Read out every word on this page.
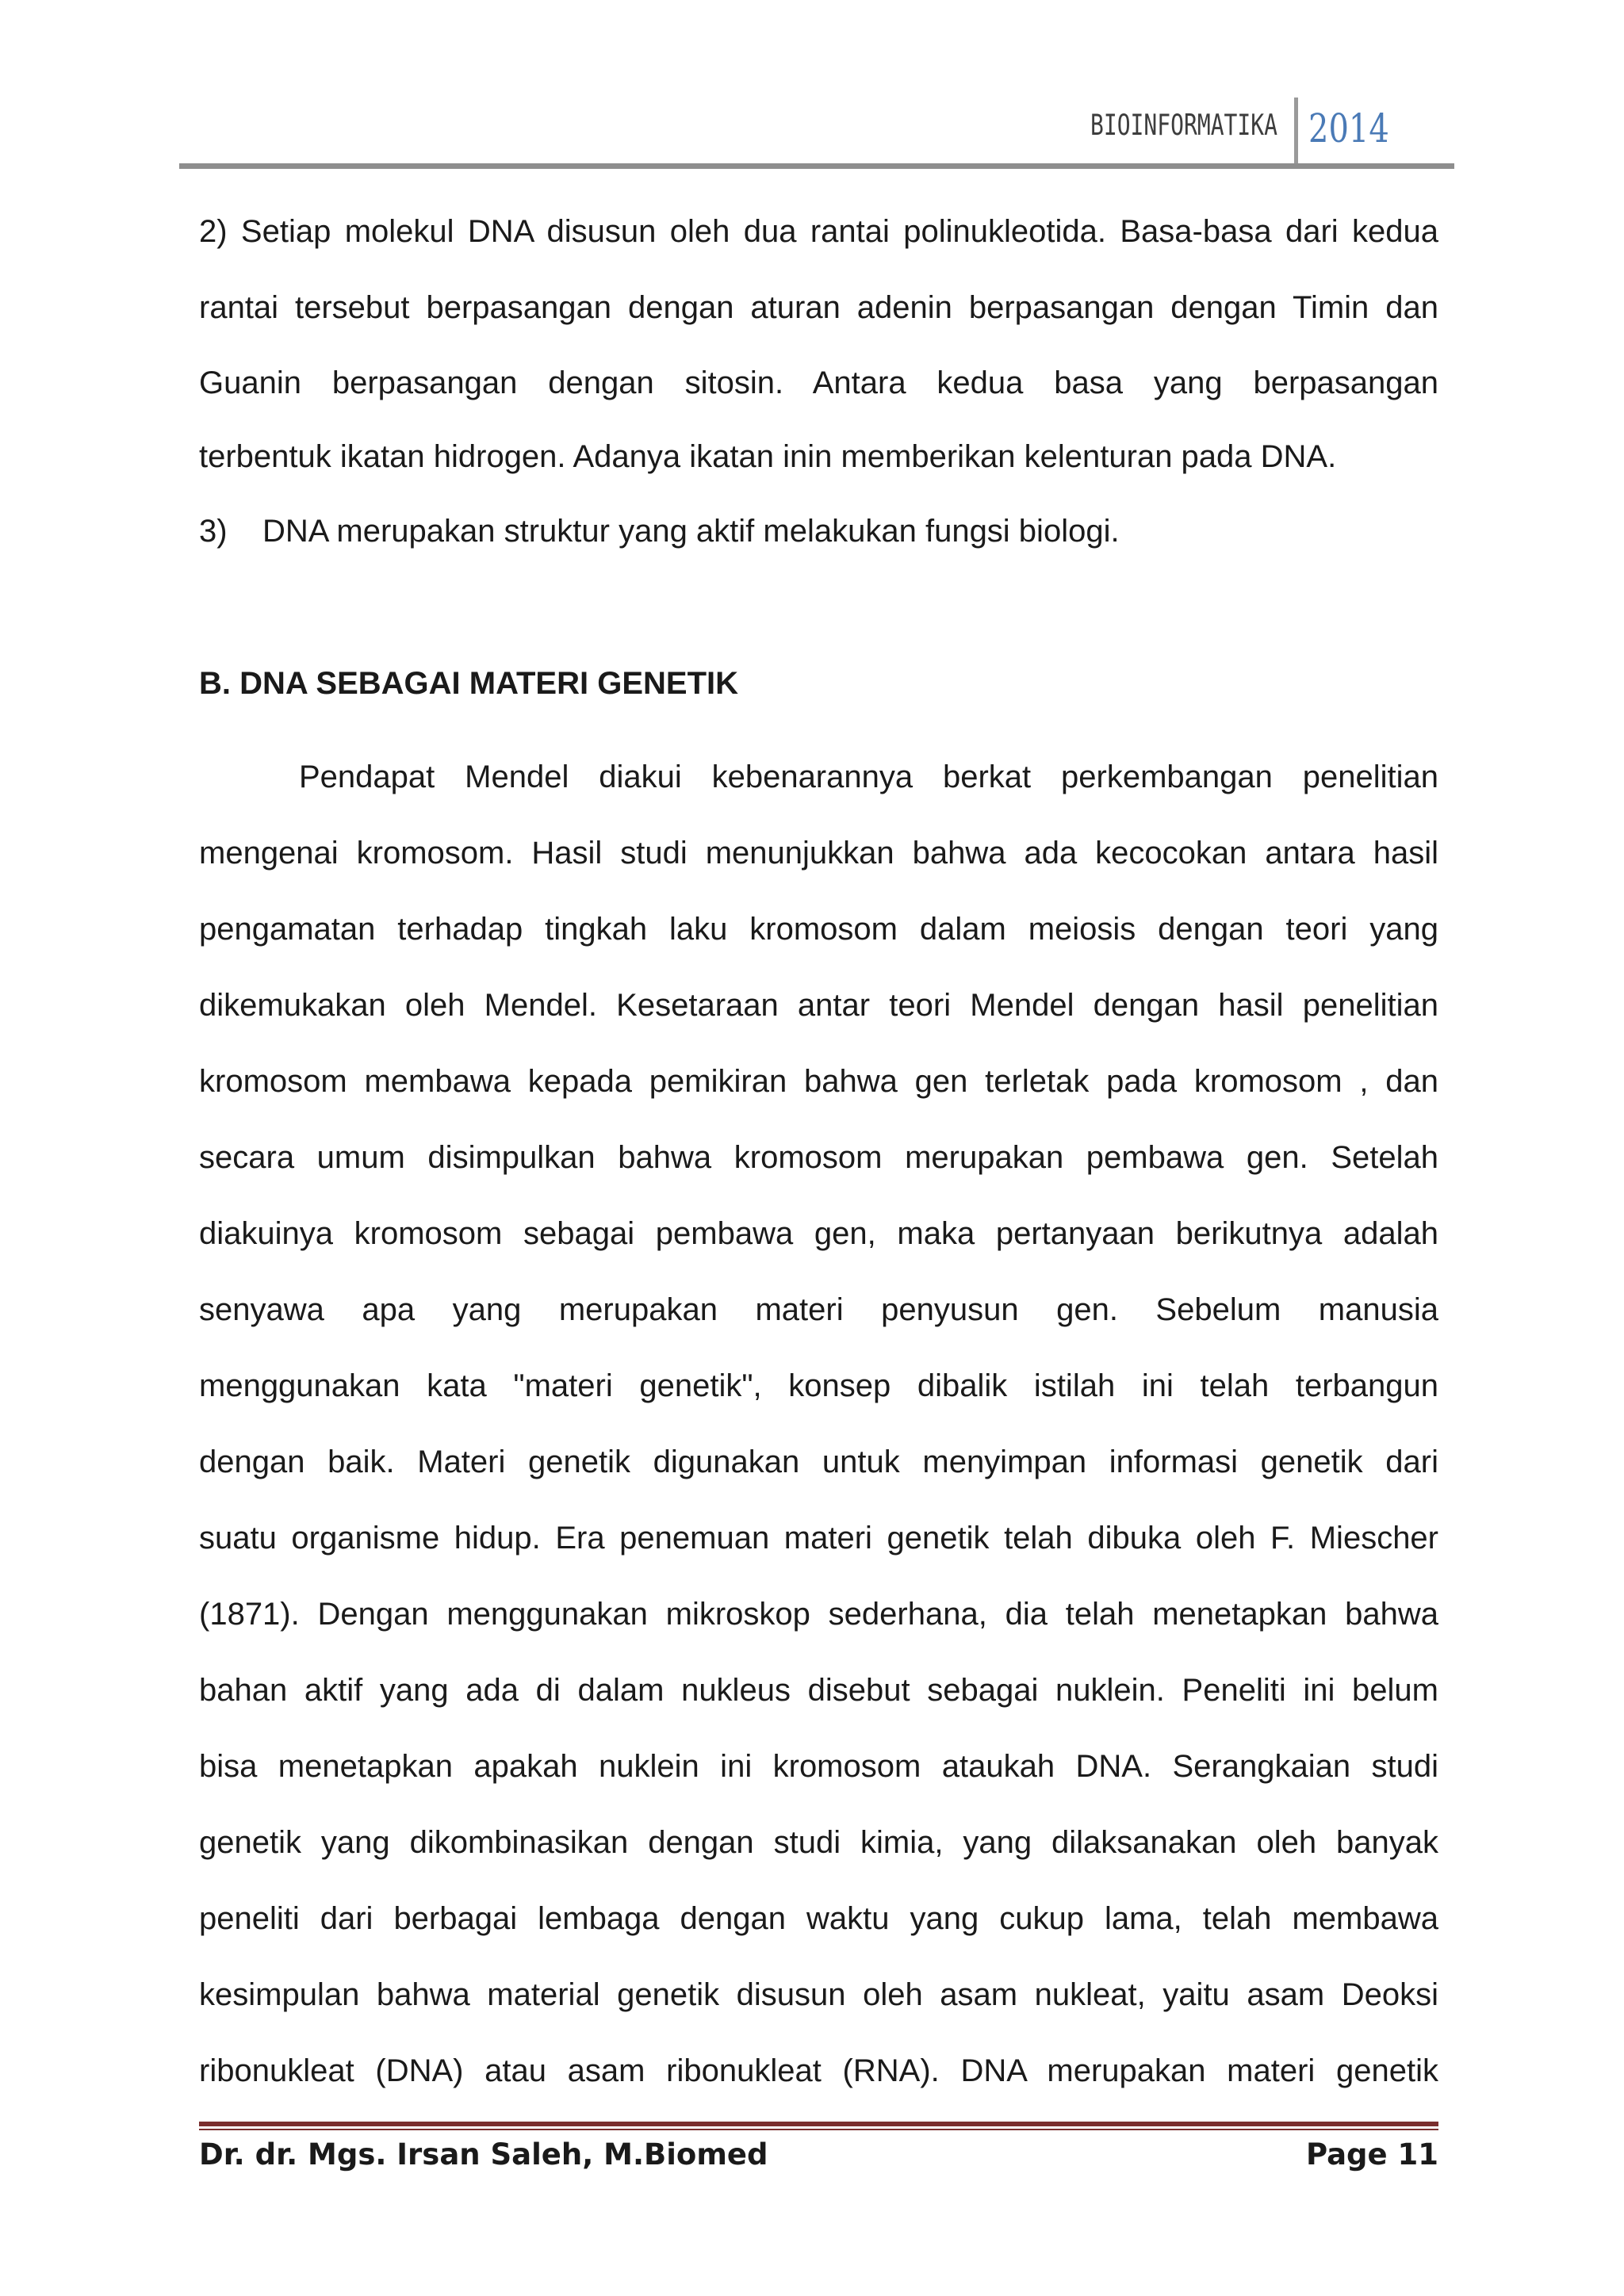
BIOINFORMATIKA 2014
2) Setiap molekul DNA disusun oleh dua rantai polinukleotida. Basa-basa dari kedua
rantai tersebut berpasangan dengan aturan adenin berpasangan dengan Timin dan
Guanin berpasangan dengan sitosin. Antara kedua basa yang berpasangan
terbentuk ikatan hidrogen. Adanya ikatan inin memberikan kelenturan pada DNA.
3)    DNA merupakan struktur yang aktif melakukan fungsi biologi.
B. DNA SEBAGAI MATERI GENETIK
Pendapat Mendel diakui kebenarannya berkat perkembangan penelitian
mengenai kromosom. Hasil studi menunjukkan bahwa ada kecocokan antara hasil
pengamatan terhadap tingkah laku kromosom dalam meiosis dengan teori yang
dikemukakan oleh Mendel. Kesetaraan antar teori Mendel dengan hasil penelitian
kromosom membawa kepada pemikiran bahwa gen terletak pada kromosom , dan
secara umum disimpulkan bahwa kromosom merupakan pembawa gen. Setelah
diakuinya kromosom sebagai pembawa gen, maka pertanyaan berikutnya adalah
senyawa apa yang merupakan materi penyusun gen. Sebelum manusia
menggunakan kata "materi genetik", konsep dibalik istilah ini telah terbangun
dengan baik. Materi genetik digunakan untuk menyimpan informasi genetik dari
suatu organisme hidup. Era penemuan materi genetik telah dibuka oleh F. Miescher
(1871). Dengan menggunakan mikroskop sederhana, dia telah menetapkan bahwa
bahan aktif yang ada di dalam nukleus disebut sebagai nuklein. Peneliti ini belum
bisa menetapkan apakah nuklein ini kromosom ataukah DNA. Serangkaian studi
genetik yang dikombinasikan dengan studi kimia, yang dilaksanakan oleh banyak
peneliti dari berbagai lembaga dengan waktu yang cukup lama, telah membawa
kesimpulan bahwa material genetik disusun oleh asam nukleat, yaitu asam Deoksi
ribonukleat (DNA) atau asam ribonukleat (RNA). DNA merupakan materi genetik
Dr. dr. Mgs. Irsan Saleh, M.Biomed	Page 11
